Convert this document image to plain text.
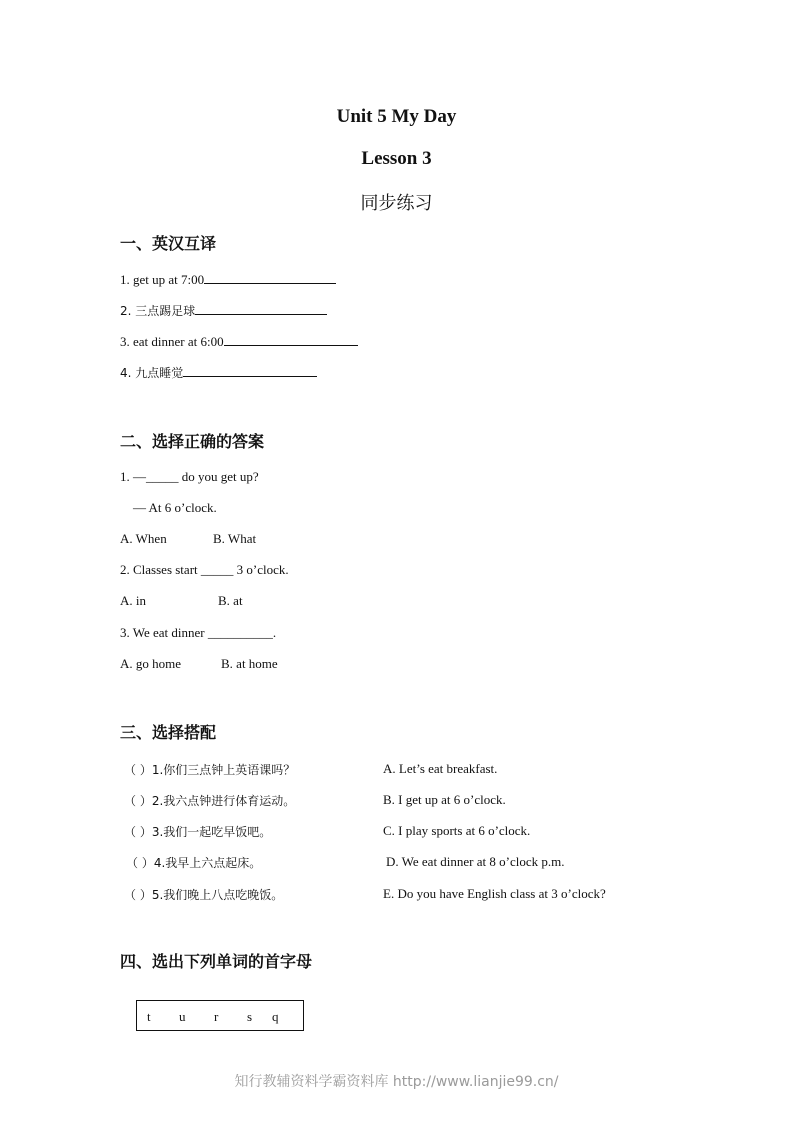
Unit 5 My Day
Lesson 3
同步练习
一、英汉互译
1. get up at 7:00
2. 三点踢足球
3. eat dinner at 6:00
4. 九点睡觉
二、选择正确的答案
1. —_____ do you get up?
— At 6 o’clock.
A. When	B. What
2. Classes start _____ 3 o’clock.
A. in	B. at
3. We eat dinner __________.
A. go home	B. at home
三、选择搭配
（ ）1.你们三点钟上英语课吗？	A. Let’s eat breakfast.
（ ）2.我六点钟进行体育运动。	B. I get up at 6 o’clock.
（ ）3.我们一起吃早饭吧。	C. I play sports at 6 o’clock.
（ ）4.我早上六点起床。	D. We eat dinner at 8 o’clock p.m.
（ ）5.我们晚上八点吃晚饭。	E. Do you have English class at 3 o’clock?
四、选出下列单词的首字母
t u r s q
知行教辅资料学霸资料库 http://www.lianjie99.cn/
